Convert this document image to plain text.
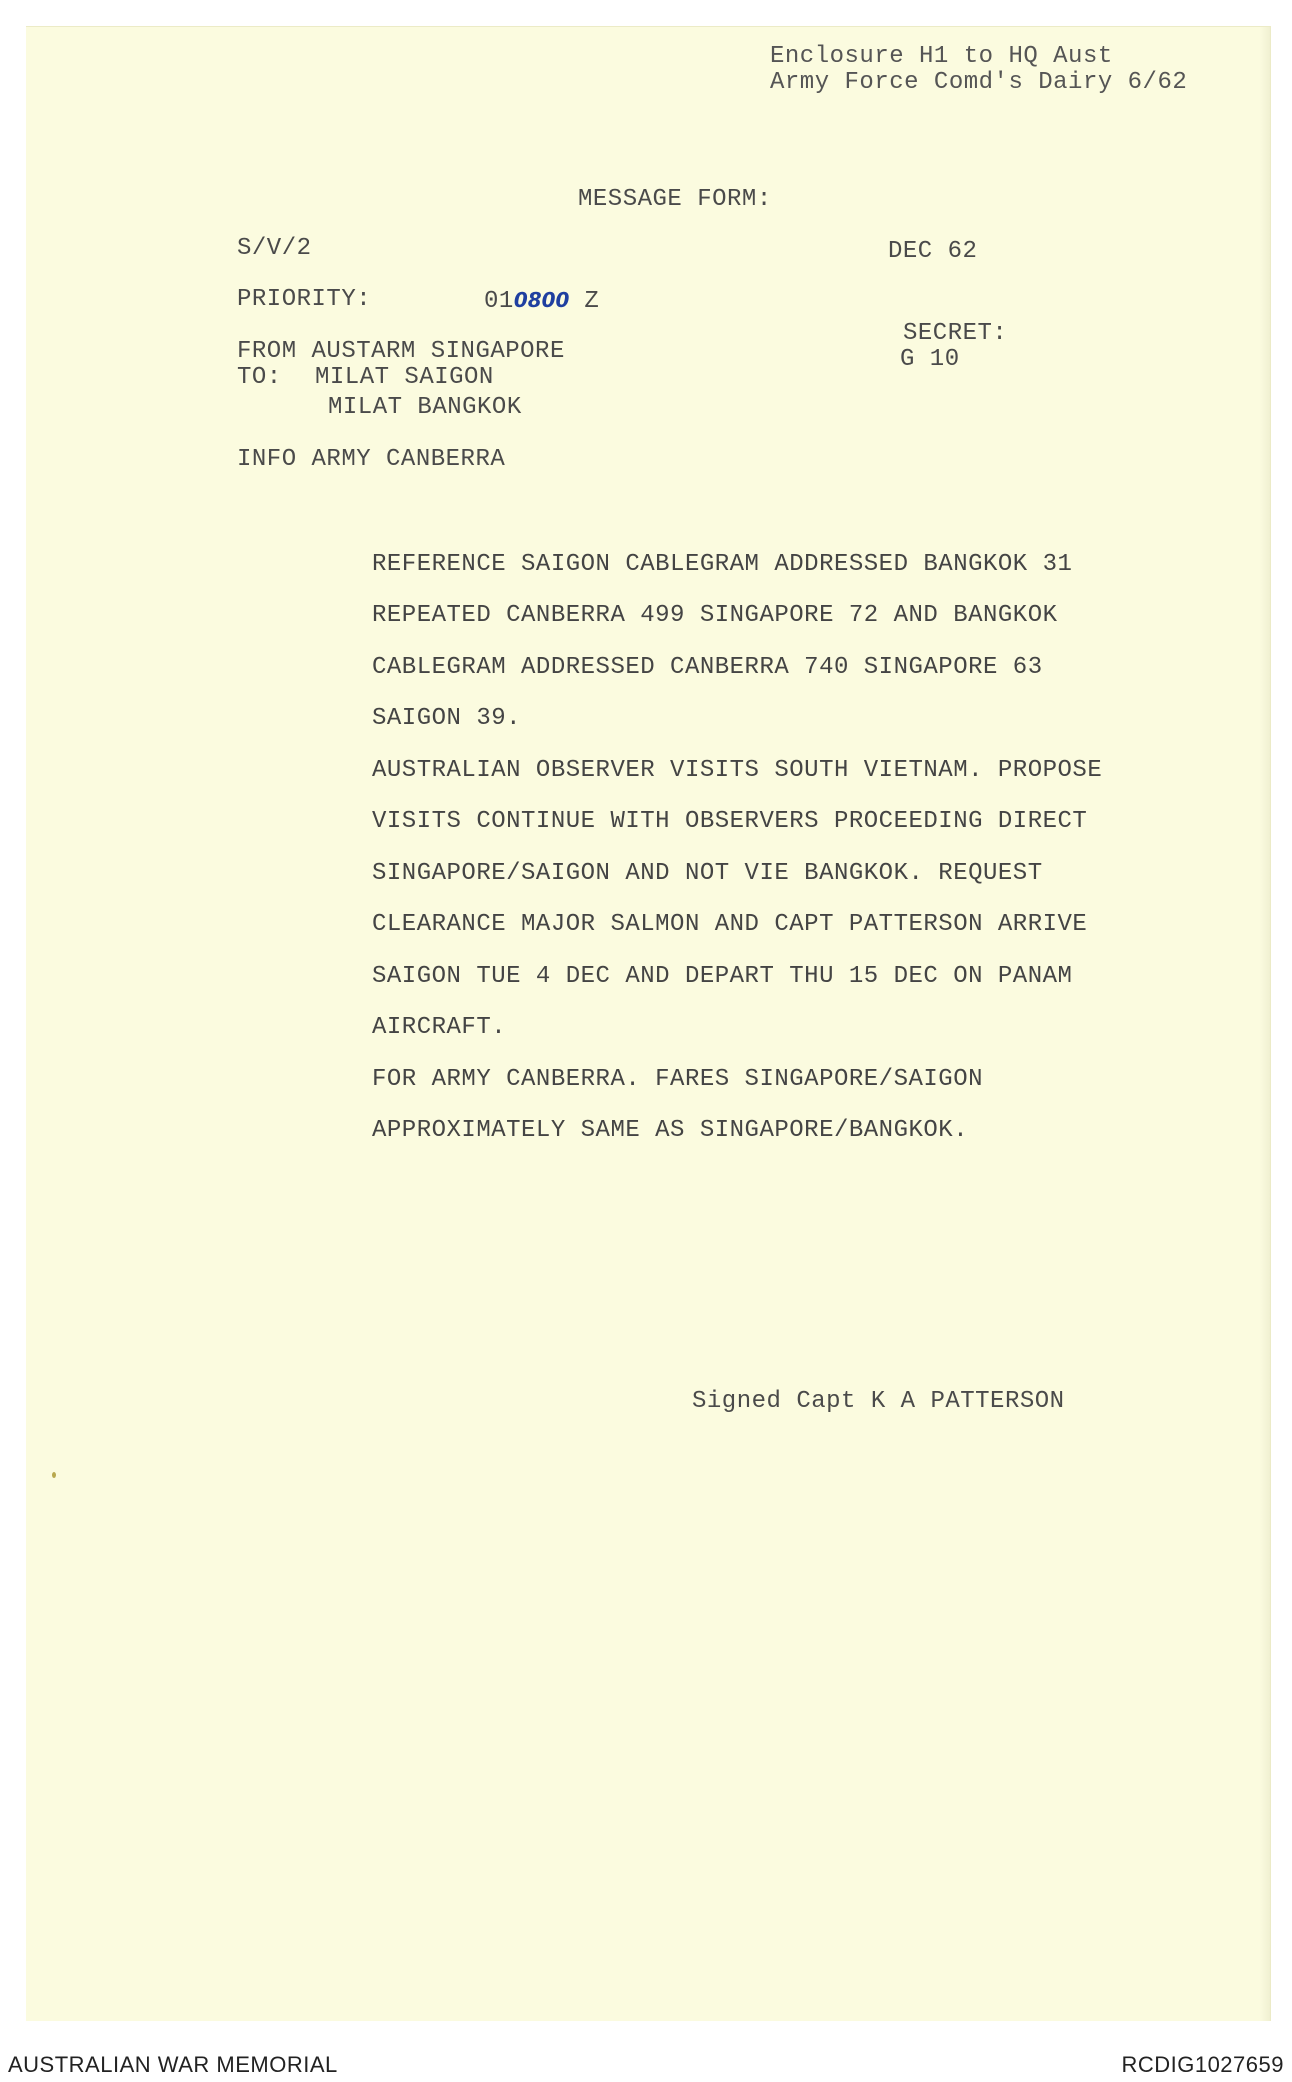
Enclosure H1 to HQ Aust
Army Force Comd's Dairy 6/62
MESSAGE FORM:
S/V/2	DEC 62
PRIORITY:	010800 Z
SECRET:
G 10
FROM AUSTARM SINGAPORE
TO: MILAT SAIGON
MILAT BANGKOK
INFO ARMY CANBERRA
REFERENCE SAIGON CABLEGRAM ADDRESSED BANGKOK 31
REPEATED CANBERRA 499 SINGAPORE 72 AND BANGKOK
CABLEGRAM ADDRESSED CANBERRA 740 SINGAPORE 63
SAIGON 39.
AUSTRALIAN OBSERVER VISITS SOUTH VIETNAM. PROPOSE
VISITS CONTINUE WITH OBSERVERS PROCEEDING DIRECT
SINGAPORE/SAIGON AND NOT VIE BANGKOK. REQUEST
CLEARANCE MAJOR SALMON AND CAPT PATTERSON ARRIVE
SAIGON TUE 4 DEC AND DEPART THU 15 DEC ON PANAM
AIRCRAFT.
FOR ARMY CANBERRA. FARES SINGAPORE/SAIGON
APPROXIMATELY SAME AS SINGAPORE/BANGKOK.
Signed Capt K A PATTERSON
AUSTRALIAN WAR MEMORIAL	RCDIG1027659
